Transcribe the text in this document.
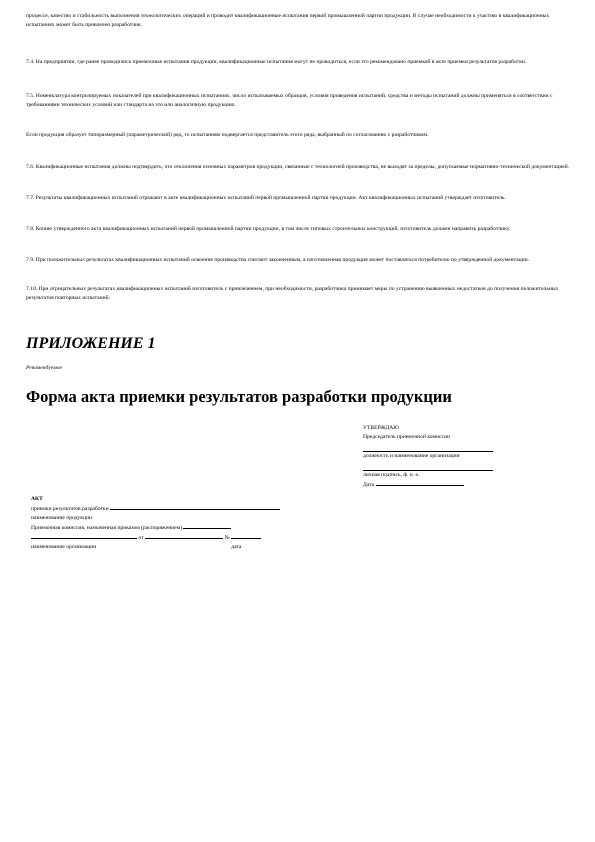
процессе, качество и стабильность выполнения технологических операций и проводит квалификационные испытания первой промышленной партии продукции. В случае необходимости к участию в квалификационных испытаниях может быть привлечен разработчик.

7.4. На предприятии, где ранее проводились приемочные испытания продукции, квалификационные испытания могут не проводиться, если это рекомендовано приемкой в акте приемки результатов разработки.

7.5. Номенклатура контролируемых показателей при квалификационных испытаниях, число испытываемых образцов, условия проведения испытаний, средства и методы испытаний должны применяться в соответствии с требованиями технических условий или стандарта на это или аналогичную продукцию.

Если продукция образует типоразмерный (параметрический) ряд, то испытаниям подвергается представитель этого ряда, выбранный по согласованию с разработчиком.

7.6. Квалификационные испытания должны подтвердить, что отклонения основных параметров продукции, связанные с технологией производства, не выходят за пределы, допускаемые нормативно-технической документацией.

7.7. Результаты квалификационных испытаний отражают в акте квалификационных испытаний первой промышленной партии продукции. Акт квалификационных испытаний утверждает изготовитель.

7.8. Копию утвержденного акта квалификационных испытаний первой промышленной партии продукции, в том числе типовых строительных конструкций, изготовитель должен направить разработчику.

7.9. При положительных результатах квалификационных испытаний освоение производства считают законченным, а изготовленная продукция может поставляться потребителю по утвержденной документации.

7.10. При отрицательных результатах квалификационных испытаний изготовитель с привлечением, при необходимости, разработчика принимает меры по устранению выявленных недостатков до получения положительных результатов повторных испытаний.

ПРИЛОЖЕНИЕ 1
Рекомендуемое
Форма акта приемки результатов разработки продукции
УТВЕРЖДАЮ
Председатель приемочной комиссии
должность и наименование организации
личная подпись, ф. и. о.
Дата
АКТ
приемки результатов разработки
наименование продукции
Приемочная комиссия, назначенная приказом (распоряжением)
от	№
наименование организации	дата
